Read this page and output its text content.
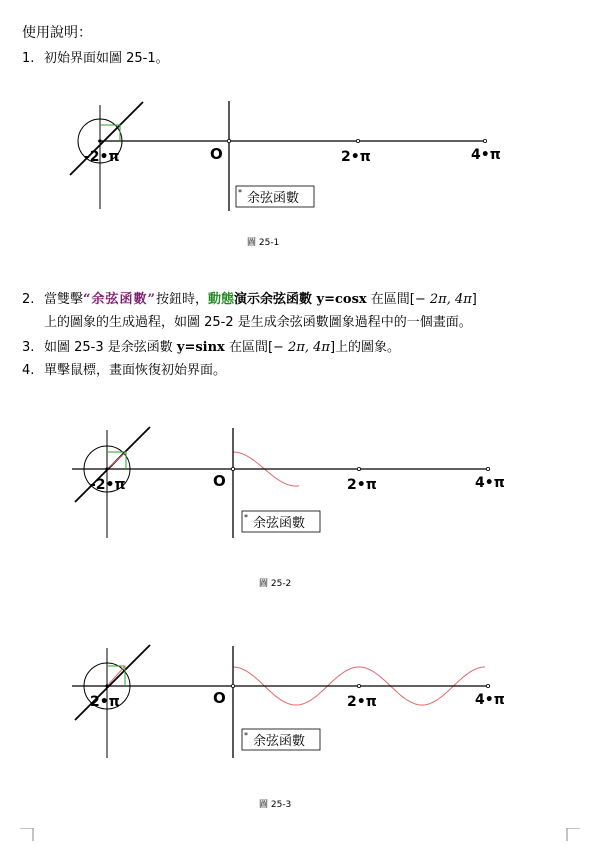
使用說明：
1. 初始界面如圖 25-1。
-2•π	O	2•π	4•π
* 余弦函數
圖 25-1
2. 當雙擊“余弦函數”按鈕時，動態演示余弦函數 y=cosx 在區間[− 2π, 4π]
上的圖象的生成過程，如圖 25-2 是生成余弦函數圖象過程中的一個畫面。
3. 如圖 25-3 是余弦函數 y=sinx 在區間[− 2π, 4π]上的圖象。
4. 單擊鼠標，畫面恢復初始界面。
-2•π	O	2•π	4•π
* 余弦函數
圖 25-2
2•π	O	2•π	4•π
* 余弦函數
圖 25-3
